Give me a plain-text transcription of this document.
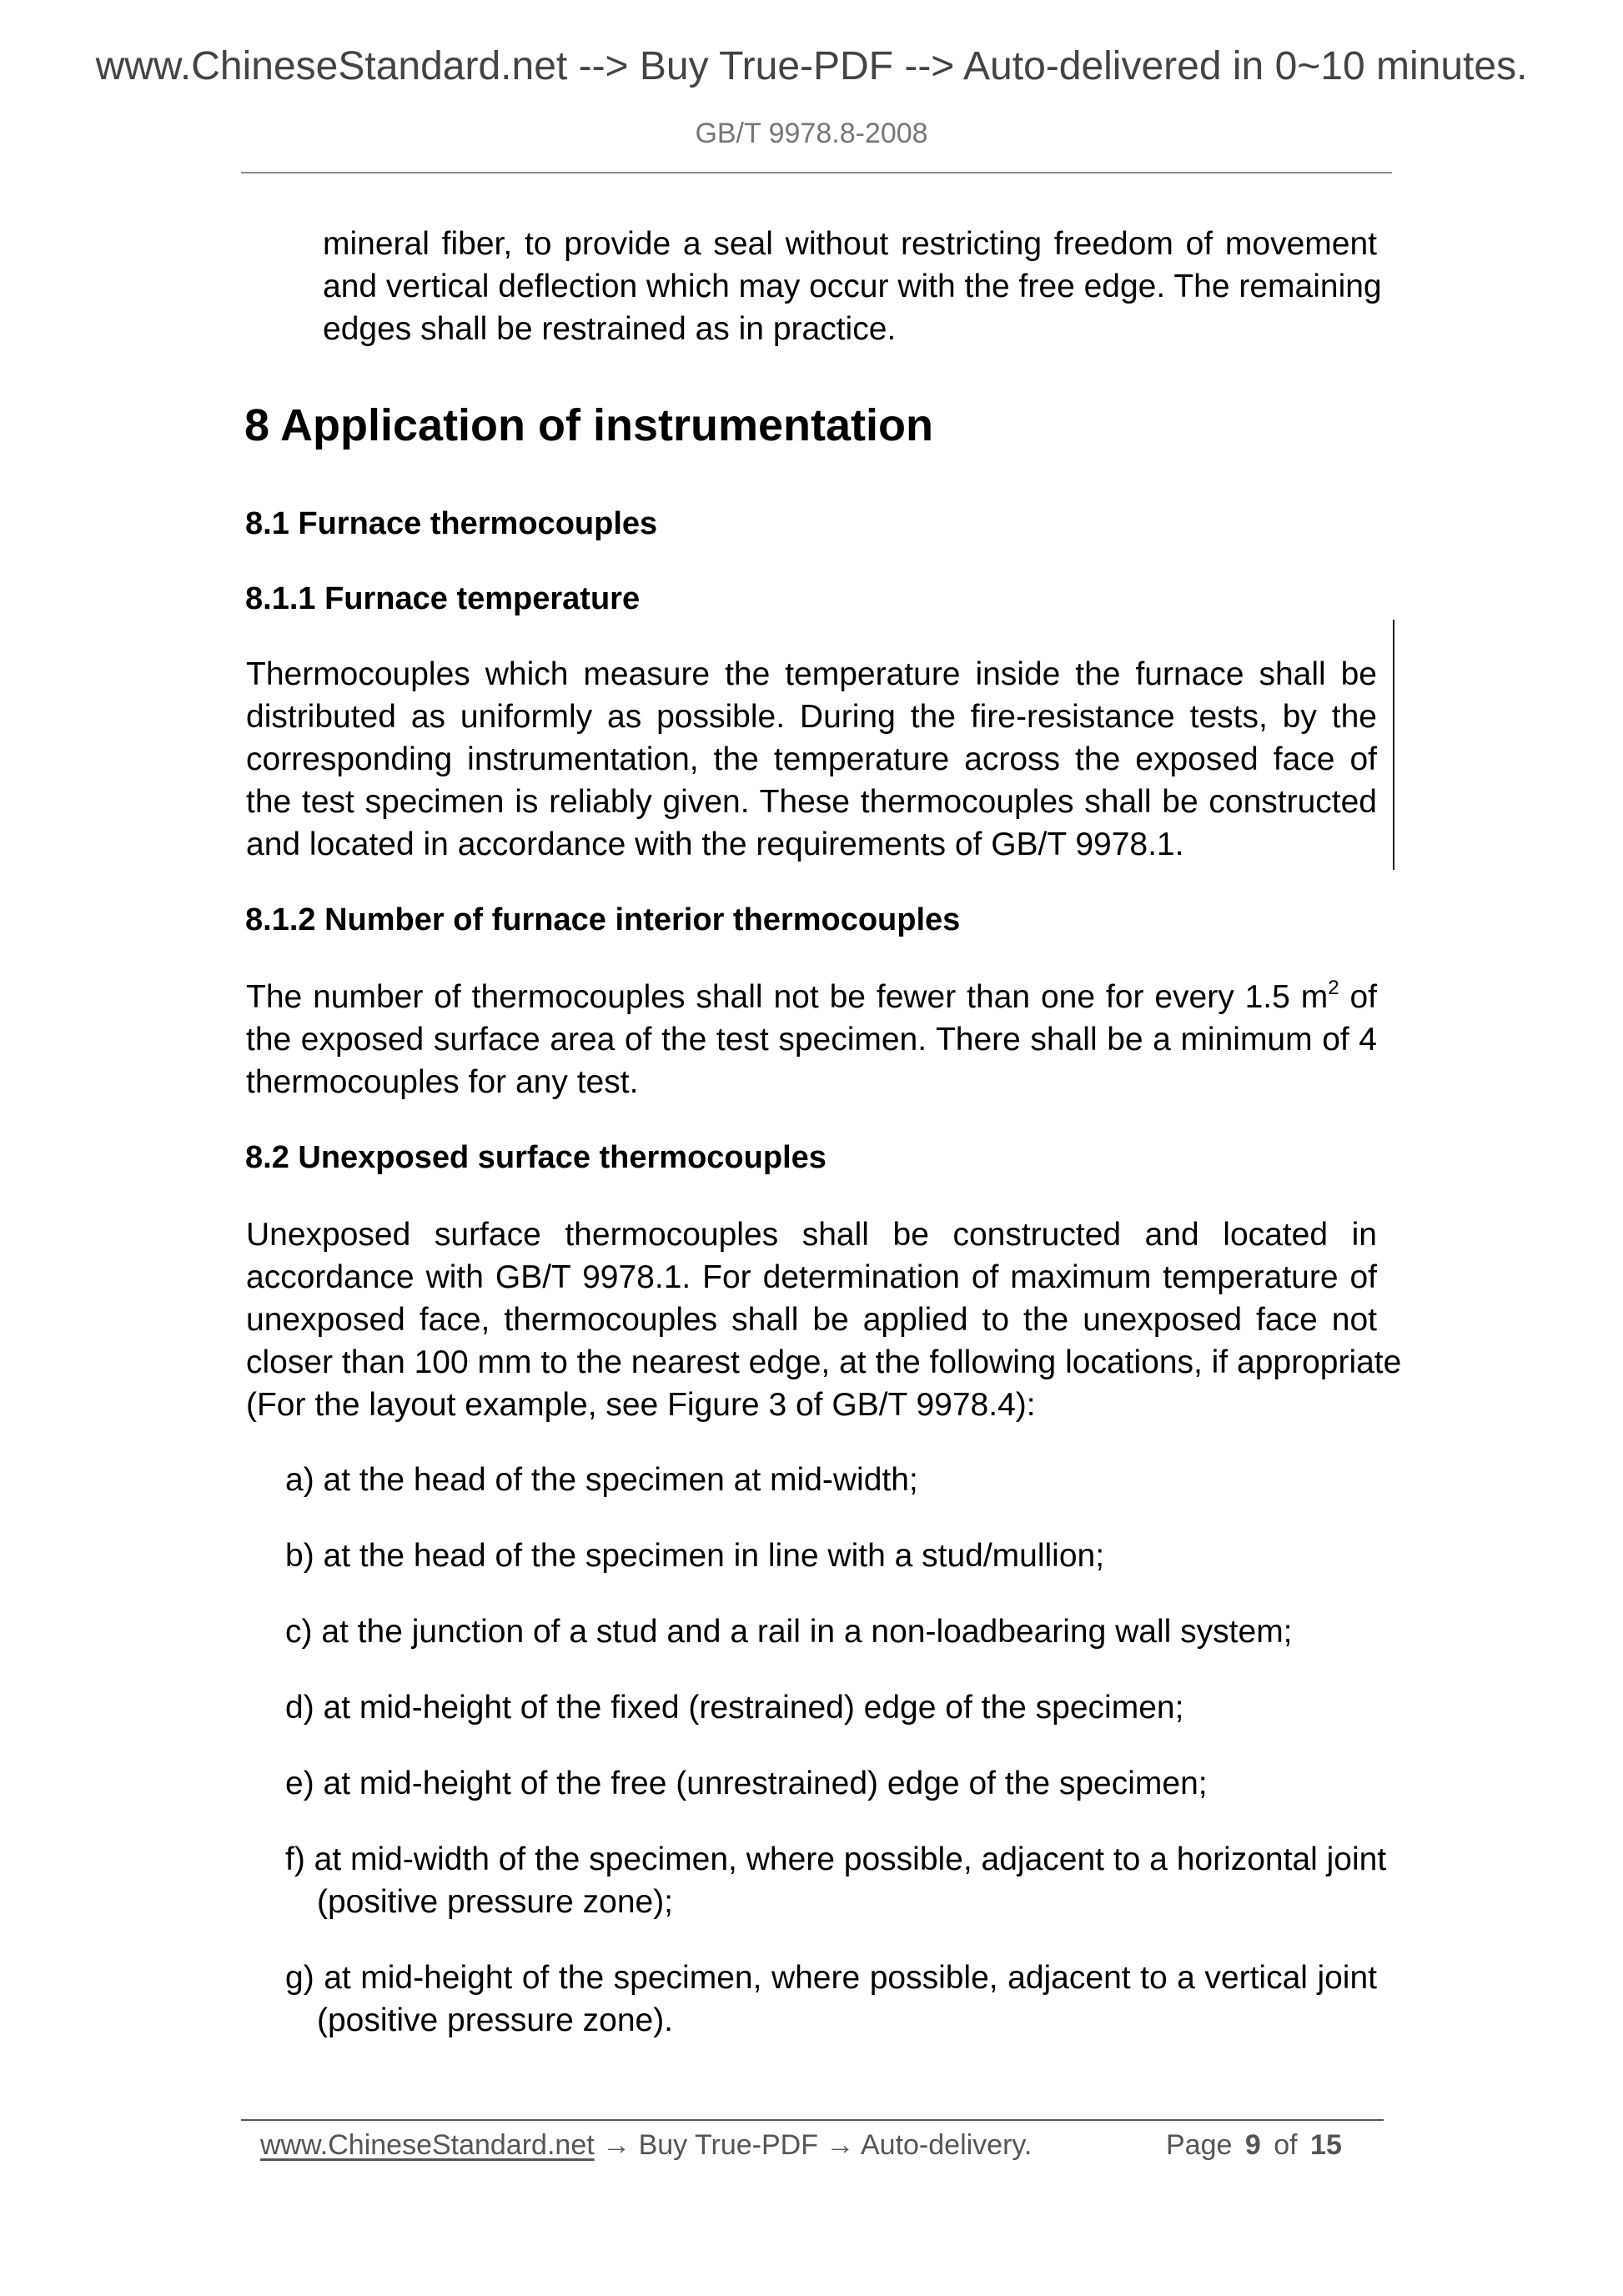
www.ChineseStandard.net --> Buy True-PDF --> Auto-delivered in 0~10 minutes.
GB/T 9978.8-2008
mineral fiber, to provide a seal without restricting freedom of movement
and vertical deflection which may occur with the free edge. The remaining
edges shall be restrained as in practice.
8 Application of instrumentation
8.1 Furnace thermocouples
8.1.1 Furnace temperature
Thermocouples which measure the temperature inside the furnace shall be
distributed as uniformly as possible. During the fire-resistance tests, by the
corresponding instrumentation, the temperature across the exposed face of
the test specimen is reliably given. These thermocouples shall be constructed
and located in accordance with the requirements of GB/T 9978.1.
8.1.2 Number of furnace interior thermocouples
The number of thermocouples shall not be fewer than one for every 1.5 $m^2$ of
the exposed surface area of the test specimen. There shall be a minimum of 4
thermocouples for any test.
8.2 Unexposed surface thermocouples
Unexposed surface thermocouples shall be constructed and located in
accordance with GB/T 9978.1. For determination of maximum temperature of
unexposed face, thermocouples shall be applied to the unexposed face not
closer than 100 mm to the nearest edge, at the following locations, if appropriate
(For the layout example, see Figure 3 of GB/T 9978.4):
a) at the head of the specimen at mid-width;
b) at the head of the specimen in line with a stud/mullion;
c) at the junction of a stud and a rail in a non-loadbearing wall system;
d) at mid-height of the fixed (restrained) edge of the specimen;
e) at mid-height of the free (unrestrained) edge of the specimen;
f) at mid-width of the specimen, where possible, adjacent to a horizontal joint
(positive pressure zone);
g) at mid-height of the specimen, where possible, adjacent to a vertical joint
(positive pressure zone).
www.ChineseStandard.net → Buy True-PDF → Auto-delivery.	Page 9 of 15
